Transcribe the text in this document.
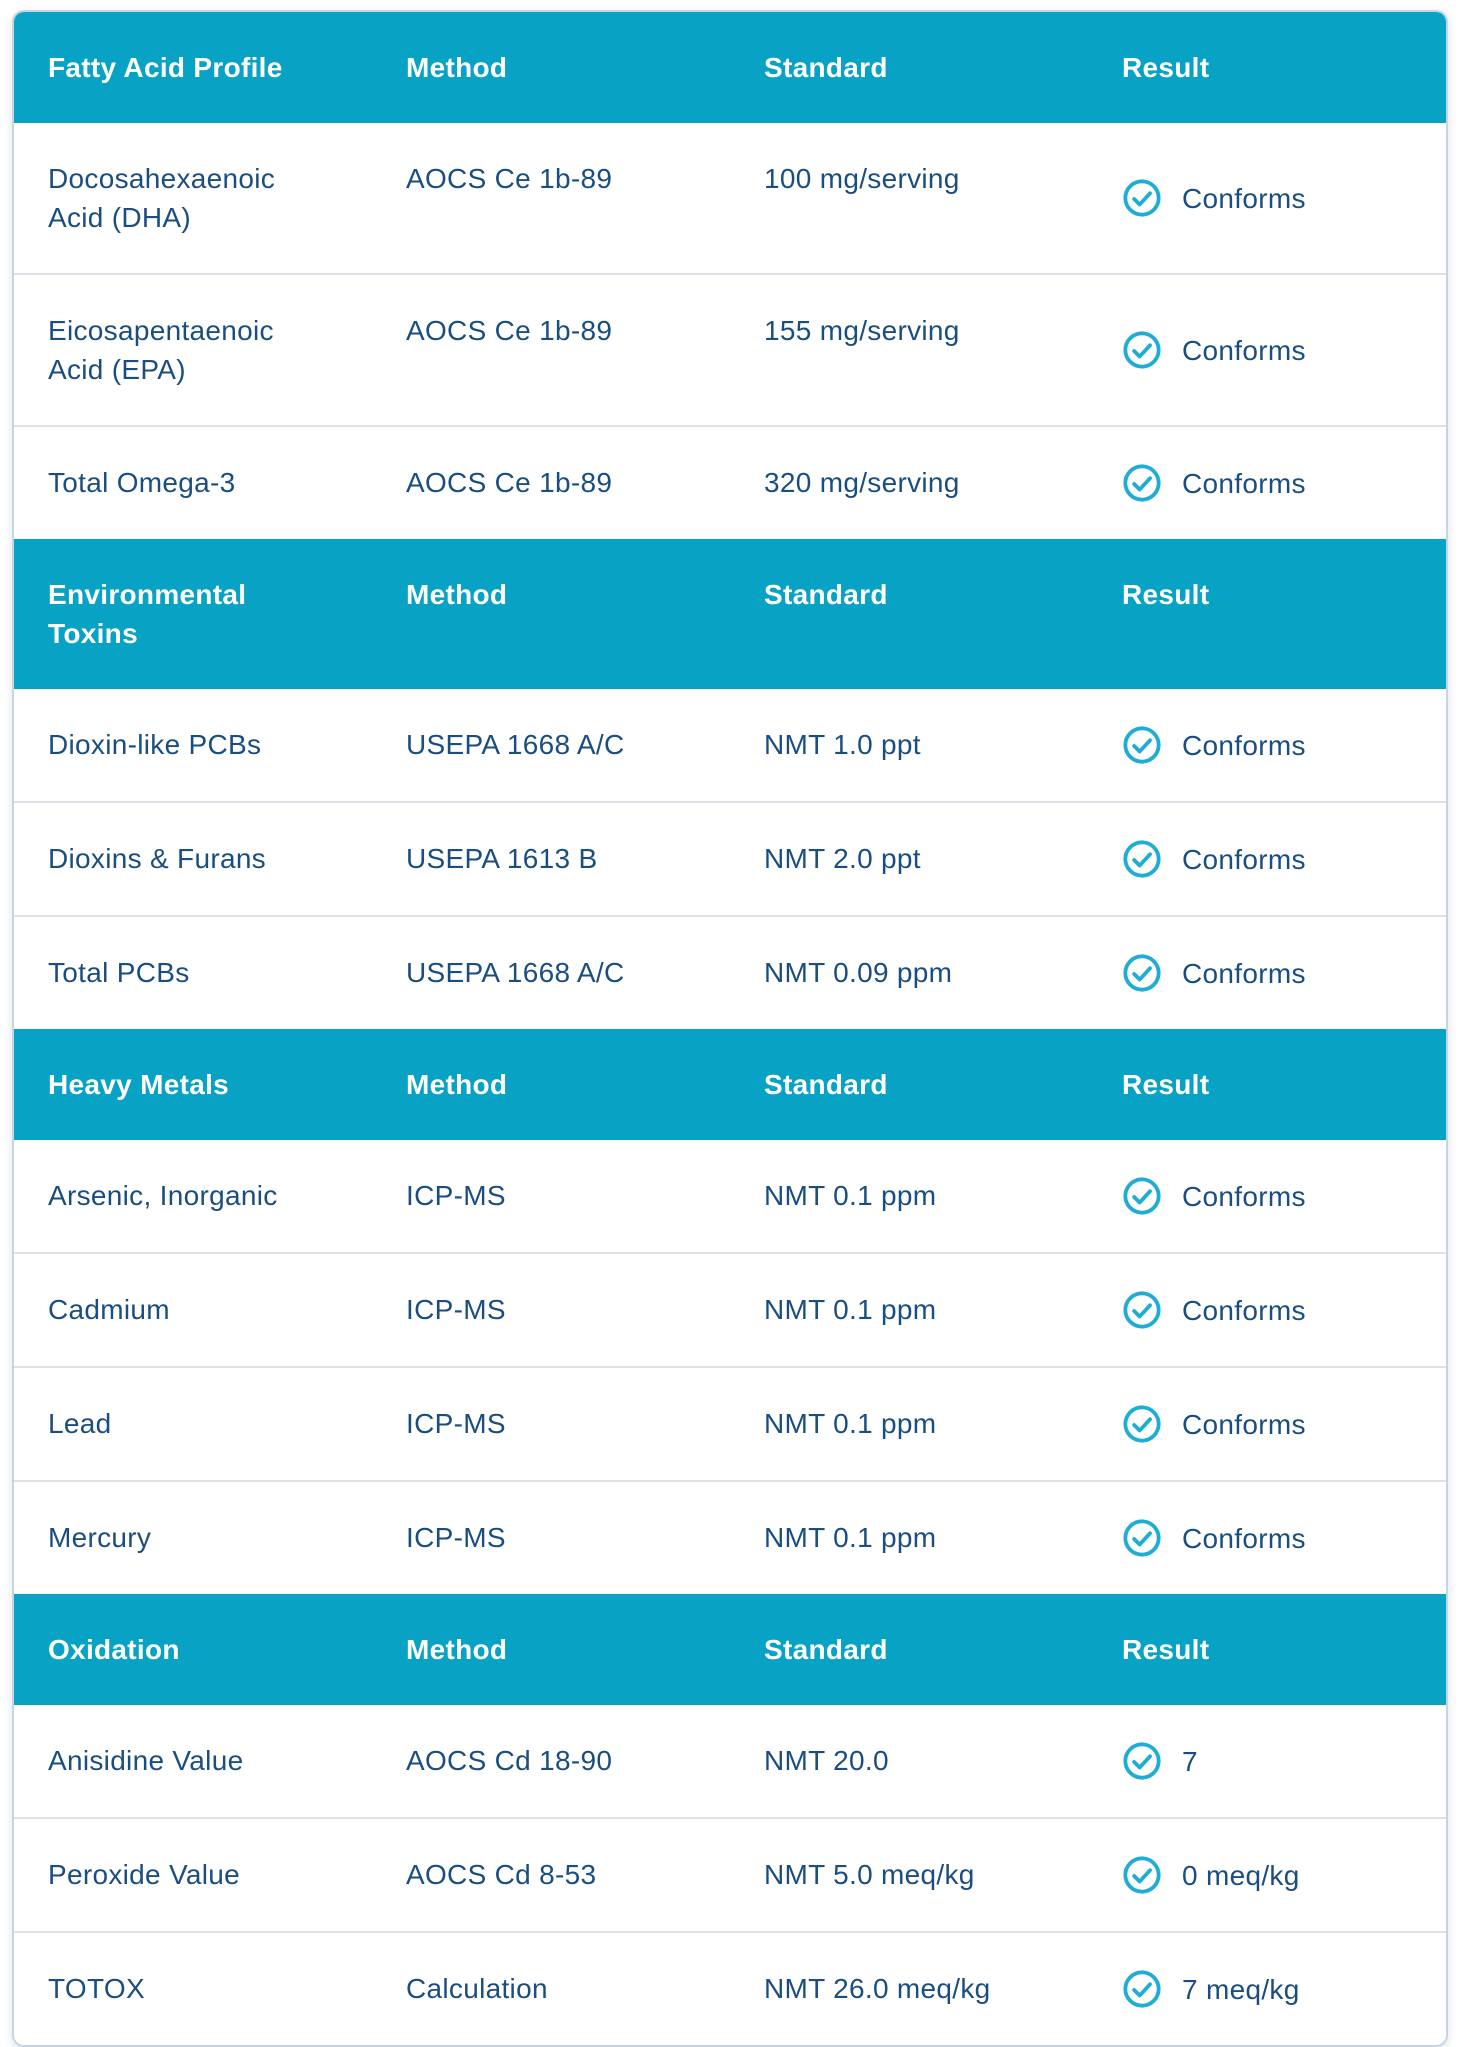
Fatty Acid Profile	Method	Standard	Result
Docosahexaenoic Acid (DHA)	AOCS Ce 1b-89	100 mg/serving	Conforms

Eicosapentaenoic Acid (EPA)	AOCS Ce 1b-89	155 mg/serving	Conforms

Total Omega-3	AOCS Ce 1b-89	320 mg/serving	Conforms

Environmental Toxins	Method	Standard	Result
Dioxin-like PCBs	USEPA 1668 A/C	NMT 1.0 ppt	Conforms

Dioxins & Furans	USEPA 1613 B	NMT 2.0 ppt	Conforms

Total PCBs	USEPA 1668 A/C	NMT 0.09 ppm	Conforms

Heavy Metals	Method	Standard	Result
Arsenic, Inorganic	ICP-MS	NMT 0.1 ppm	Conforms

Cadmium	ICP-MS	NMT 0.1 ppm	Conforms

Lead	ICP-MS	NMT 0.1 ppm	Conforms

Mercury	ICP-MS	NMT 0.1 ppm	Conforms

Oxidation	Method	Standard	Result
Anisidine Value	AOCS Cd 18-90	NMT 20.0	7

Peroxide Value	AOCS Cd 8-53	NMT 5.0 meq/kg	0 meq/kg

TOTOX	Calculation	NMT 26.0 meq/kg	7 meq/kg
